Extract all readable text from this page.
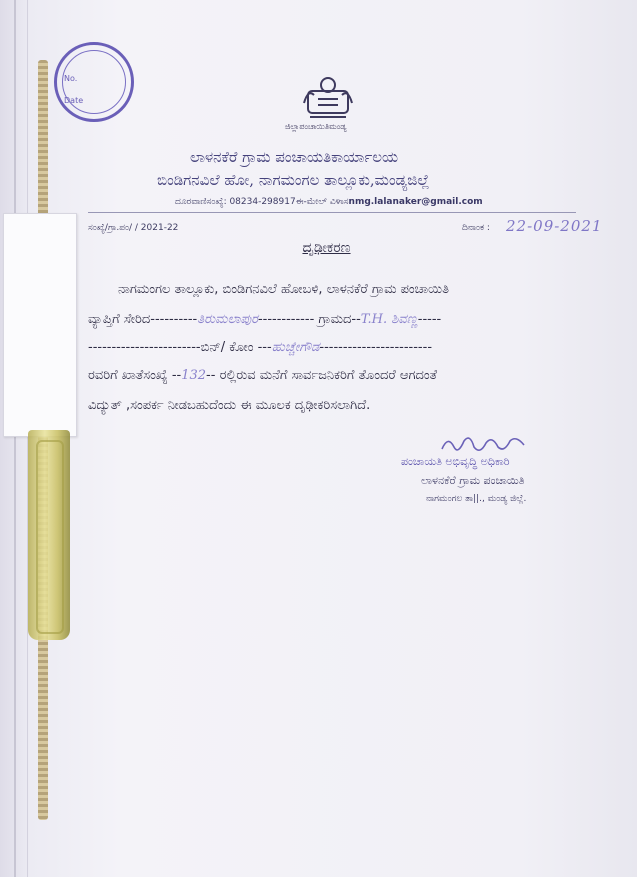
No.
Date
ಜಿಲ್ಲಾಪಂಚಾಯಿತಿಮಂಡ್ಯ
ಲಾಳನಕೆರೆ ಗ್ರಾಮ ಪಂಚಾಯತಿಕಾರ್ಯಾಲಯ
ಬಿಂಡಿಗನವಿಲೆ ಹೋ, ನಾಗಮಂಗಲ ತಾಲ್ಲೂಕು,ಮಂಡ್ಯಜಿಲ್ಲೆ
ದೂರವಾಣಿಸಂಖ್ಯೆ: 08234-298917ಈ-ಮೇಲ್ ವಿಳಾಸnmg.lalanaker@gmail.com
ಸಂಖ್ಯೆ/ಗ್ರಾ.ಪಂ/ / 2021-22	ದಿನಾಂಕ : 22-09-2021
ದೃಢೀಕರಣ
ನಾಗಮಂಗಲ ತಾಲ್ಲೂಕು, ಬಿಂಡಿಗನವಿಲೆ ಹೋಬಳಿ, ಲಾಳನಕೆರೆ ಗ್ರಾಮ ಪಂಚಾಯಿತಿ
ವ್ಯಾಪ್ತಿಗೆ ಸೇರಿದ----------ತಿರುಮಲಾಪುರ------------ ಗ್ರಾಮದ--T.H. ಶಿವಣ್ಣ-----
------------------------ಬಿನ್/ ಕೋಂ ---ಹುಚ್ಚೇಗೌಡ------------------------
ರವರಿಗೆ ಖಾತೆಸಂಖ್ಯೆ --132-- ರಲ್ಲಿರುವ ಮನೆಗೆ ಸಾರ್ವಜನಿಕರಿಗೆ ತೊಂದರೆ ಆಗದಂತೆ
ವಿದ್ಯುತ್ ,ಸಂಪರ್ಕ ನೀಡಬಹುದೆಂದು ಈ ಮೂಲಕ ದೃಢೀಕರಿಸಲಾಗಿದೆ.
ಪಂಚಾಯತಿ ಅಭಿವೃದ್ಧಿ ಅಧಿಕಾರಿ
ಲಾಳನಕೆರೆ ಗ್ರಾಮ ಪಂಚಾಯಿತಿ
ನಾಗಮಂಗಲ ತಾ||., ಮಂಡ್ಯ ಜಿಲ್ಲೆ.
